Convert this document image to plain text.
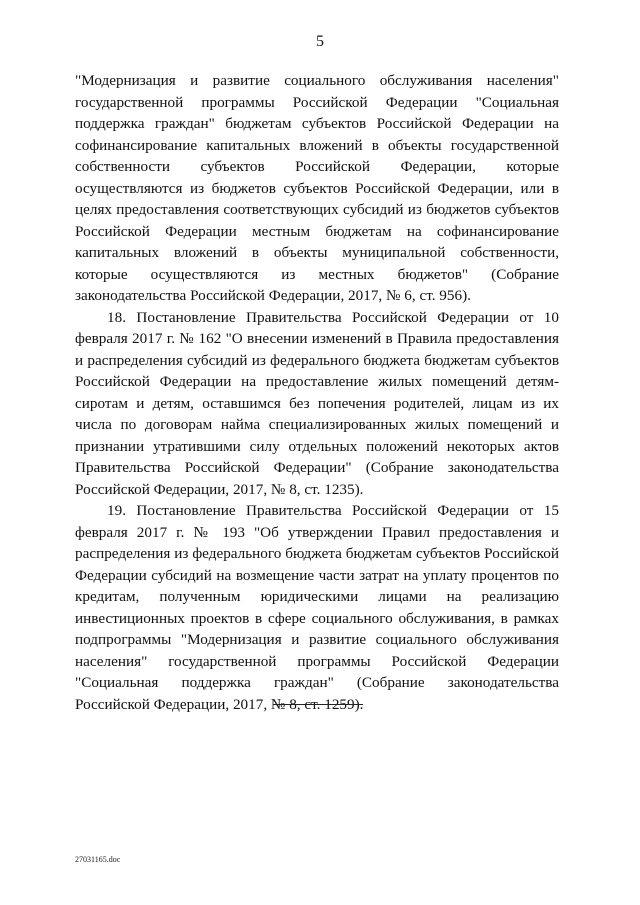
5

"Модернизация и развитие социального обслуживания населения" государственной программы Российской Федерации "Социальная поддержка граждан" бюджетам субъектов Российской Федерации на софинансирование капитальных вложений в объекты государственной собственности субъектов Российской Федерации, которые осуществляются из бюджетов субъектов Российской Федерации, или в целях предоставления соответствующих субсидий из бюджетов субъектов Российской Федерации местным бюджетам на софинансирование капитальных вложений в объекты муниципальной собственности, которые осуществляются из местных бюджетов" (Собрание законодательства Российской Федерации, 2017, № 6, ст. 956).

18. Постановление Правительства Российской Федерации от 10 февраля 2017 г. № 162 "О внесении изменений в Правила предоставления и распределения субсидий из федерального бюджета бюджетам субъектов Российской Федерации на предоставление жилых помещений детям-сиротам и детям, оставшимся без попечения родителей, лицам из их числа по договорам найма специализированных жилых помещений и признании утратившими силу отдельных положений некоторых актов Правительства Российской Федерации" (Собрание законодательства Российской Федерации, 2017, № 8, ст. 1235).

19. Постановление Правительства Российской Федерации от 15 февраля 2017 г. № 193 "Об утверждении Правил предоставления и распределения из федерального бюджета бюджетам субъектов Российской Федерации субсидий на возмещение части затрат на уплату процентов по кредитам, полученным юридическими лицами на реализацию инвестиционных проектов в сфере социального обслуживания, в рамках подпрограммы "Модернизация и развитие социального обслуживания населения" государственной программы Российской Федерации "Социальная поддержка граждан" (Собрание законодательства Российской Федерации, 2017, № 8, ст. 1259).

27031165.doc
